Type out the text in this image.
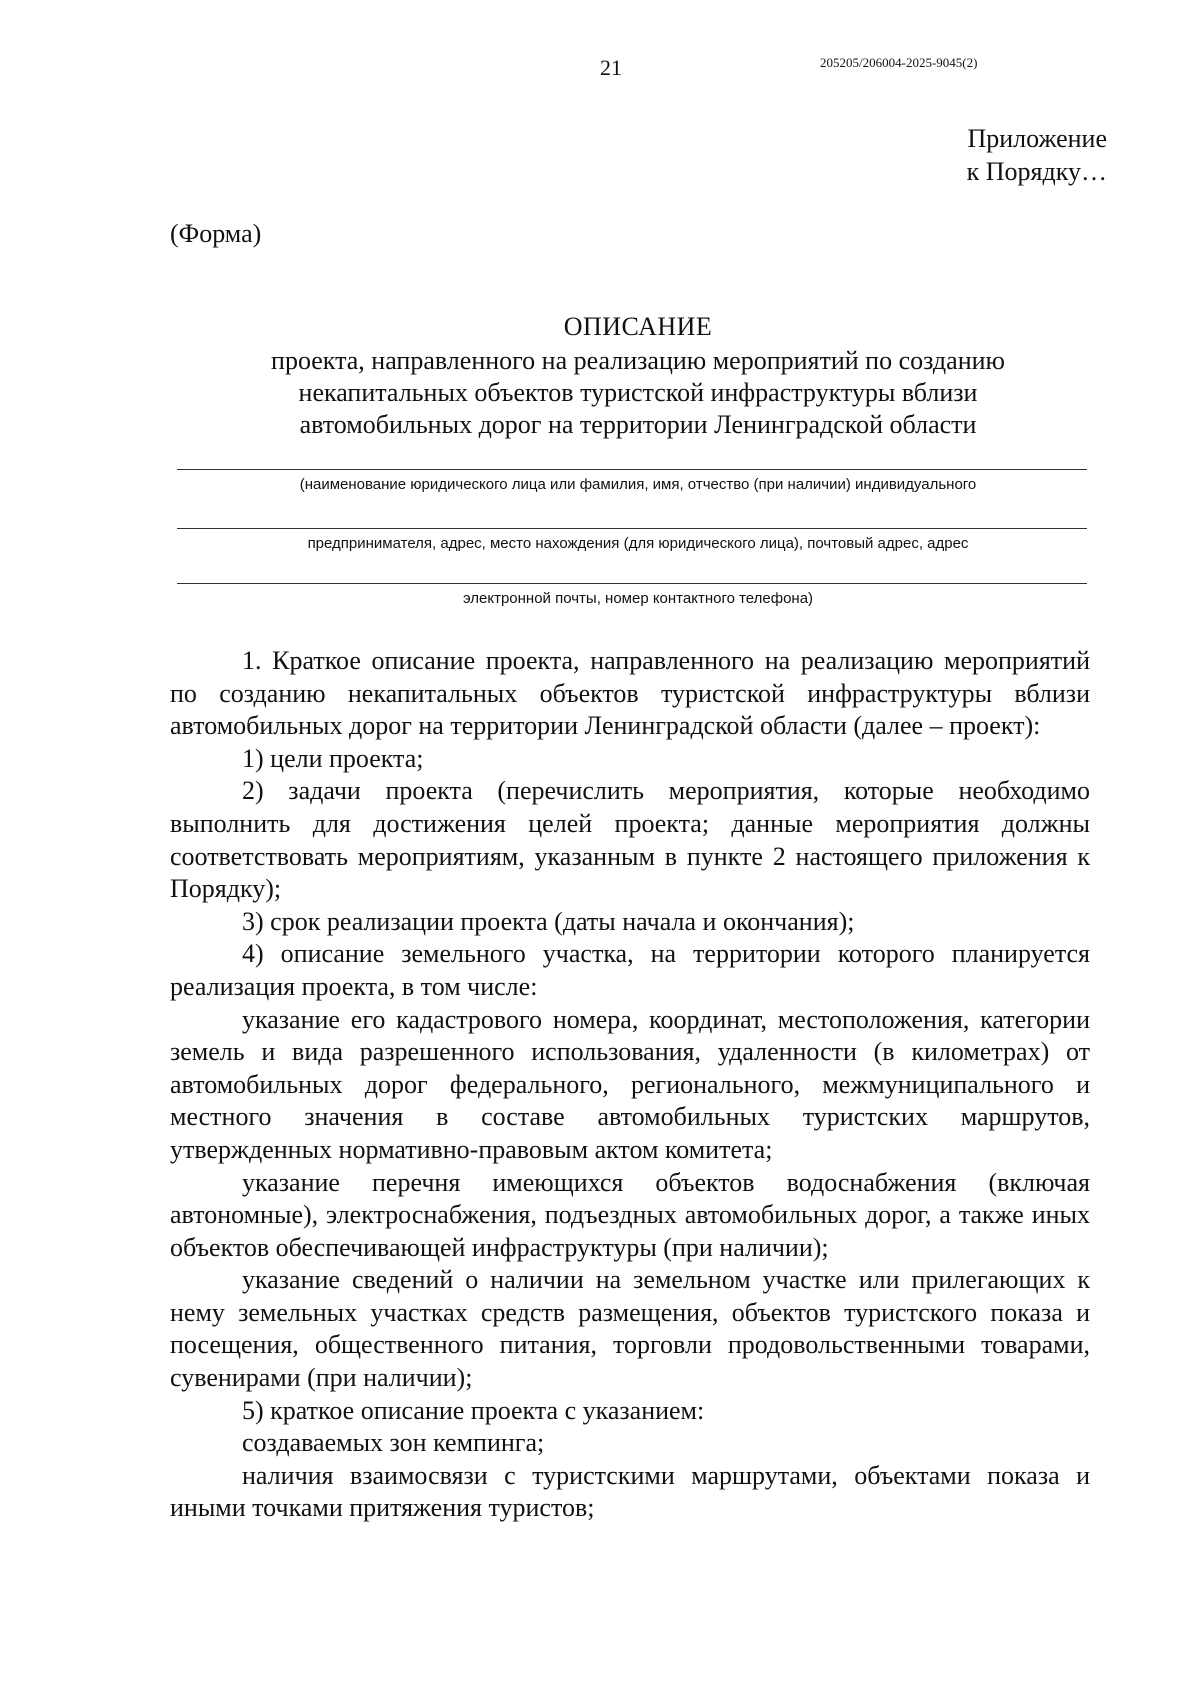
21	205205/206004-2025-9045(2)
Приложение
к Порядку…
(Форма)
ОПИСАНИЕ
проекта, направленного на реализацию мероприятий по созданию
некапитальных объектов туристской инфраструктуры вблизи
автомобильных дорог на территории Ленинградской области
(наименование юридического лица или фамилия, имя, отчество (при наличии) индивидуального
предпринимателя, адрес, место нахождения (для юридического лица), почтовый адрес, адрес
электронной почты, номер контактного телефона)

1. Краткое описание проекта, направленного на реализацию мероприятий по созданию некапитальных объектов туристской инфраструктуры вблизи автомобильных дорог на территории Ленинградской области (далее – проект):

1) цели проекта;

2) задачи проекта (перечислить мероприятия, которые необходимо выполнить для достижения целей проекта; данные мероприятия должны соответствовать мероприятиям, указанным в пункте 2 настоящего приложения к Порядку);

3) срок реализации проекта (даты начала и окончания);

4) описание земельного участка, на территории которого планируется реализация проекта, в том числе:

указание его кадастрового номера, координат, местоположения, категории земель и вида разрешенного использования, удаленности (в километрах) от автомобильных дорог федерального, регионального, межмуниципального и местного значения в составе автомобильных туристских маршрутов, утвержденных нормативно-правовым актом комитета;

указание перечня имеющихся объектов водоснабжения (включая автономные), электроснабжения, подъездных автомобильных дорог, а также иных объектов обеспечивающей инфраструктуры (при наличии);

указание сведений о наличии на земельном участке или прилегающих к нему земельных участках средств размещения, объектов туристского показа и посещения, общественного питания, торговли продовольственными товарами, сувенирами (при наличии);

5) краткое описание проекта с указанием:

создаваемых зон кемпинга;

наличия взаимосвязи с туристскими маршрутами, объектами показа и иными точками притяжения туристов;
